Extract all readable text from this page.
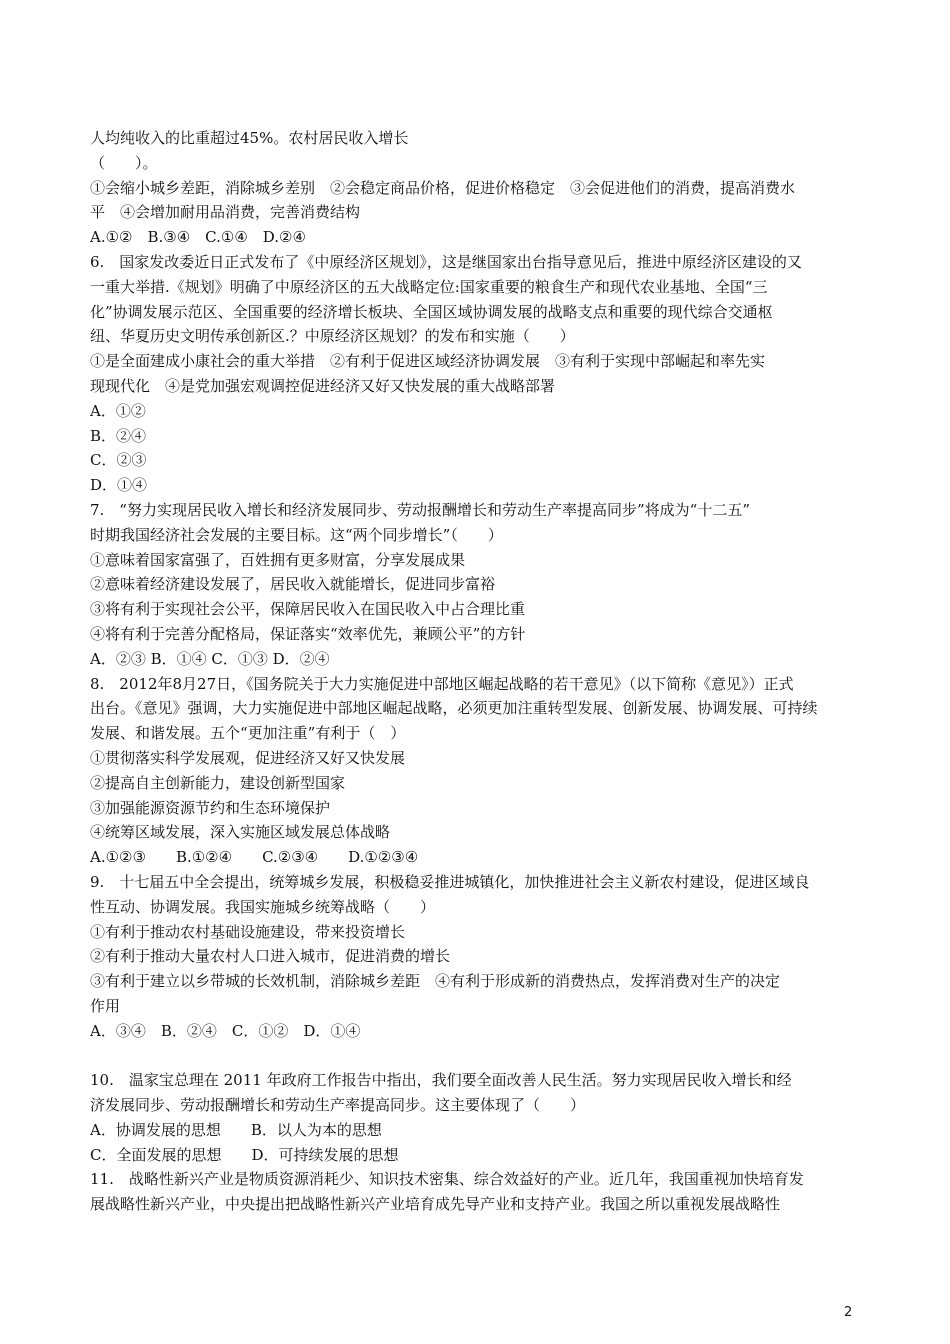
人均纯收入的比重超过45%。农村居民收入增长
（　　）。
①会缩小城乡差距，消除城乡差别　②会稳定商品价格，促进价格稳定　③会促进他们的消费，提高消费水
平　④会增加耐用品消费，完善消费结构
A.①②　B.③④　C.①④　D.②④
6.　国家发改委近日正式发布了《中原经济区规划》，这是继国家出台指导意见后，推进中原经济区建设的又
一重大举措.《规划》明确了中原经济区的五大战略定位:国家重要的粮食生产和现代农业基地、全国“三
化”协调发展示范区、全国重要的经济增长板块、全国区域协调发展的战略支点和重要的现代综合交通枢
纽、华夏历史文明传承创新区.？中原经济区规划？的发布和实施（　　）
①是全面建成小康社会的重大举措　②有利于促进区域经济协调发展　③有利于实现中部崛起和率先实
现现代化　④是党加强宏观调控促进经济又好又快发展的重大战略部署
A．①②
B．②④
C．②③
D．①④
7.　“努力实现居民收入增长和经济发展同步、劳动报酬增长和劳动生产率提高同步”将成为“十二五”
时期我国经济社会发展的主要目标。这“两个同步增长”（　　）
①意味着国家富强了，百姓拥有更多财富，分享发展成果
②意味着经济建设发展了，居民收入就能增长，促进同步富裕
③将有利于实现社会公平，保障居民收入在国民收入中占合理比重
④将有利于完善分配格局，保证落实“效率优先，兼顾公平”的方针
A．②③ B．①④ C．①③ D．②④
8.　2012年8月27日，《国务院关于大力实施促进中部地区崛起战略的若干意见》（以下简称《意见》）正式
出台。《意见》强调，大力实施促进中部地区崛起战略，必须更加注重转型发展、创新发展、协调发展、可持续
发展、和谐发展。五个“更加注重”有利于（　）
①贯彻落实科学发展观，促进经济又好又快发展
②提高自主创新能力，建设创新型国家
③加强能源资源节约和生态环境保护
④统筹区域发展，深入实施区域发展总体战略
A.①②③　　B.①②④　　C.②③④　　D.①②③④
9.　十七届五中全会提出，统筹城乡发展，积极稳妥推进城镇化，加快推进社会主义新农村建设，促进区域良
性互动、协调发展。我国实施城乡统筹战略（　　）
①有利于推动农村基础设施建设，带来投资增长
②有利于推动大量农村人口进入城市，促进消费的增长
③有利于建立以乡带城的长效机制，消除城乡差距　④有利于形成新的消费热点，发挥消费对生产的决定
作用
A．③④　B．②④　C．①②　D．①④
10.　温家宝总理在 2011 年政府工作报告中指出，我们要全面改善人民生活。努力实现居民收入增长和经
济发展同步、劳动报酬增长和劳动生产率提高同步。这主要体现了（　　）
A．协调发展的思想　　B．以人为本的思想
C．全面发展的思想　　D．可持续发展的思想
11.　战略性新兴产业是物质资源消耗少、知识技术密集、综合效益好的产业。近几年，我国重视加快培育发
展战略性新兴产业，中央提出把战略性新兴产业培育成先导产业和支持产业。我国之所以重视发展战略性
2
